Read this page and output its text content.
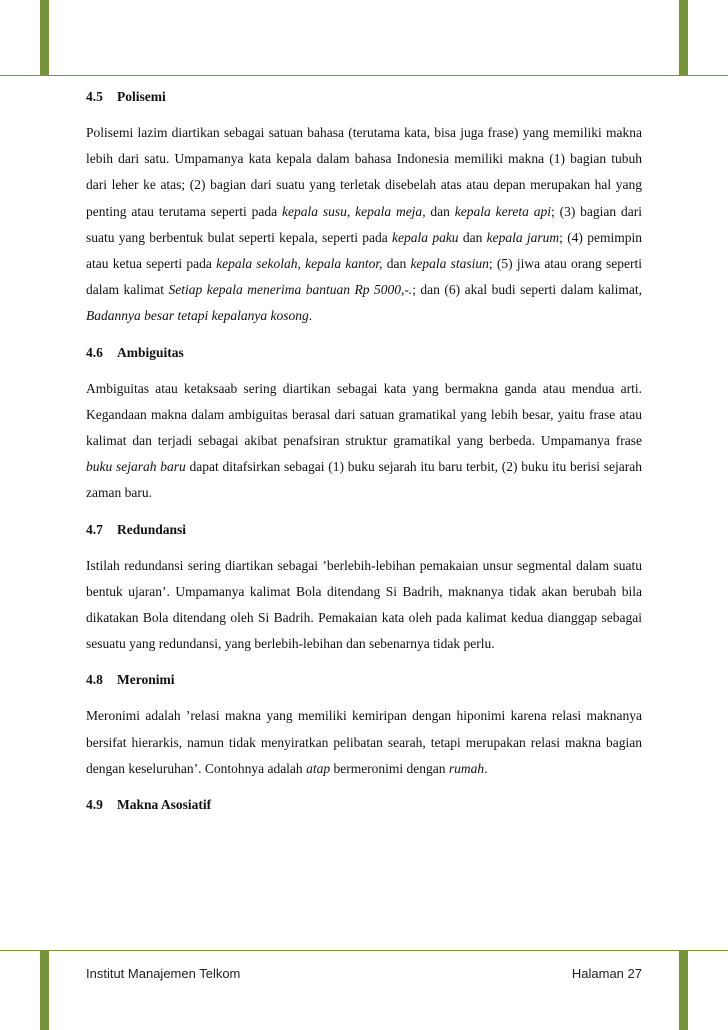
4.5 Polisemi

Polisemi lazim diartikan sebagai satuan bahasa (terutama kata, bisa juga frase) yang memiliki makna lebih dari satu. Umpamanya kata kepala dalam bahasa Indonesia memiliki makna (1) bagian tubuh dari leher ke atas; (2) bagian dari suatu yang terletak disebelah atas atau depan merupakan hal yang penting atau terutama seperti pada kepala susu, kepala meja, dan kepala kereta api; (3) bagian dari suatu yang berbentuk bulat seperti kepala, seperti pada kepala paku dan kepala jarum; (4) pemimpin atau ketua seperti pada kepala sekolah, kepala kantor, dan kepala stasiun; (5) jiwa atau orang seperti dalam kalimat Setiap kepala menerima bantuan Rp 5000,-.; dan (6) akal budi seperti dalam kalimat, Badannya besar tetapi kepalanya kosong.

4.6 Ambiguitas

Ambiguitas atau ketaksaab sering diartikan sebagai kata yang bermakna ganda atau mendua arti. Kegandaan makna dalam ambiguitas berasal dari satuan gramatikal yang lebih besar, yaitu frase atau kalimat dan terjadi sebagai akibat penafsiran struktur gramatikal yang berbeda. Umpamanya frase buku sejarah baru dapat ditafsirkan sebagai (1) buku sejarah itu baru terbit, (2) buku itu berisi sejarah zaman baru.

4.7 Redundansi

Istilah redundansi sering diartikan sebagai ’berlebih-lebihan pemakaian unsur segmental dalam suatu bentuk ujaran’. Umpamanya kalimat Bola ditendang Si Badrih, maknanya tidak akan berubah bila dikatakan Bola ditendang oleh Si Badrih. Pemakaian kata oleh pada kalimat kedua dianggap sebagai sesuatu yang redundansi, yang berlebih-lebihan dan sebenarnya tidak perlu.

4.8 Meronimi

Meronimi adalah ’relasi makna yang memiliki kemiripan dengan hiponimi karena relasi maknanya bersifat hierarkis, namun tidak menyiratkan pelibatan searah, tetapi merupakan relasi makna bagian dengan keseluruhan’. Contohnya adalah atap bermeronimi dengan rumah.

4.9 Makna Asosiatif
Institut Manajemen Telkom	Halaman 27
